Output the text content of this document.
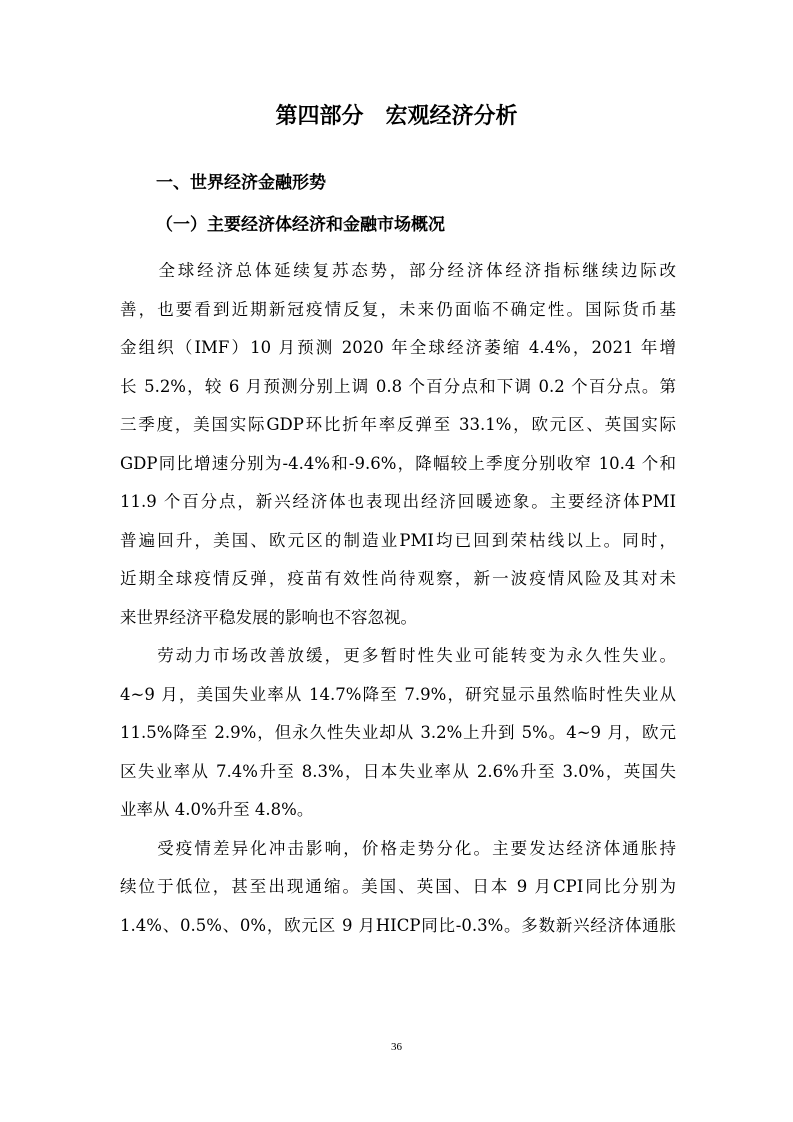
第四部分　宏观经济分析
一、世界经济金融形势
（一）主要经济体经济和金融市场概况
　　全球经济总体延续复苏态势，部分经济体经济指标继续边际改
善，也要看到近期新冠疫情反复，未来仍面临不确定性。国际货币基
金组织（IMF）10 月预测 2020 年全球经济萎缩 4.4%，2021 年增
长 5.2%，较 6 月预测分别上调 0.8 个百分点和下调 0.2 个百分点。第
三季度，美国实际GDP环比折年率反弹至 33.1%，欧元区、英国实际
GDP同比增速分别为-4.4%和-9.6%，降幅较上季度分别收窄 10.4 个和
11.9 个百分点，新兴经济体也表现出经济回暖迹象。主要经济体PMI
普遍回升，美国、欧元区的制造业PMI均已回到荣枯线以上。同时，
近期全球疫情反弹，疫苗有效性尚待观察，新一波疫情风险及其对未
来世界经济平稳发展的影响也不容忽视。
　　劳动力市场改善放缓，更多暂时性失业可能转变为永久性失业。
4~9 月，美国失业率从 14.7%降至 7.9%，研究显示虽然临时性失业从
11.5%降至 2.9%，但永久性失业却从 3.2%上升到 5%。4~9 月，欧元
区失业率从 7.4%升至 8.3%，日本失业率从 2.6%升至 3.0%，英国失
业率从 4.0%升至 4.8%。
　　受疫情差异化冲击影响，价格走势分化。主要发达经济体通胀持
续位于低位，甚至出现通缩。美国、英国、日本 9 月CPI同比分别为
1.4%、0.5%、0%，欧元区 9 月HICP同比-0.3%。多数新兴经济体通胀
36
